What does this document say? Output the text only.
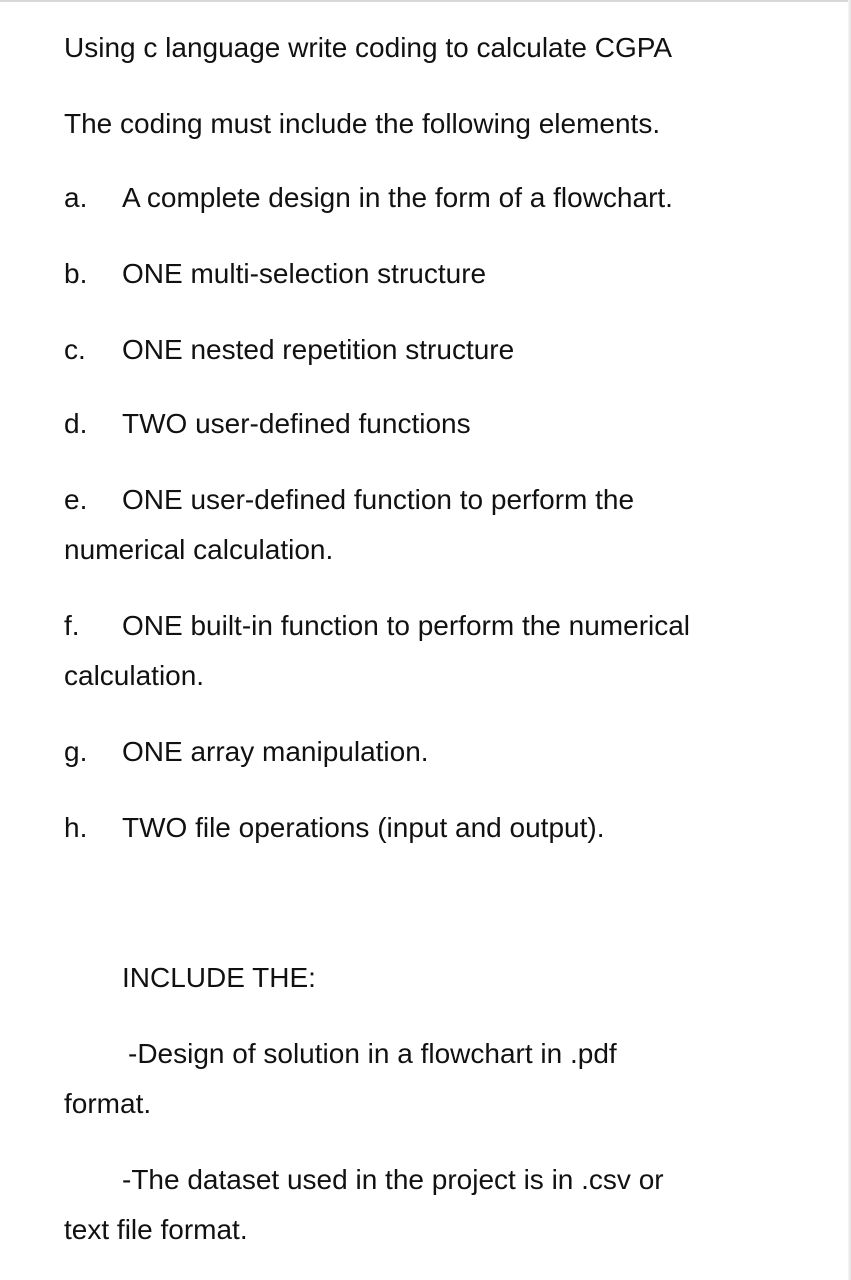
Using c language write coding to calculate CGPA
The coding must include the following elements.
a. A complete design in the form of a flowchart.
b. ONE multi-selection structure
c. ONE nested repetition structure
d. TWO user-defined functions
e. ONE user-defined function to perform the
numerical calculation.
f. ONE built-in function to perform the numerical
calculation.
g. ONE array manipulation.
h. TWO file operations (input and output).
INCLUDE THE:
-Design of solution in a flowchart in .pdf
format.
-The dataset used in the project is in .csv or
text file format.
